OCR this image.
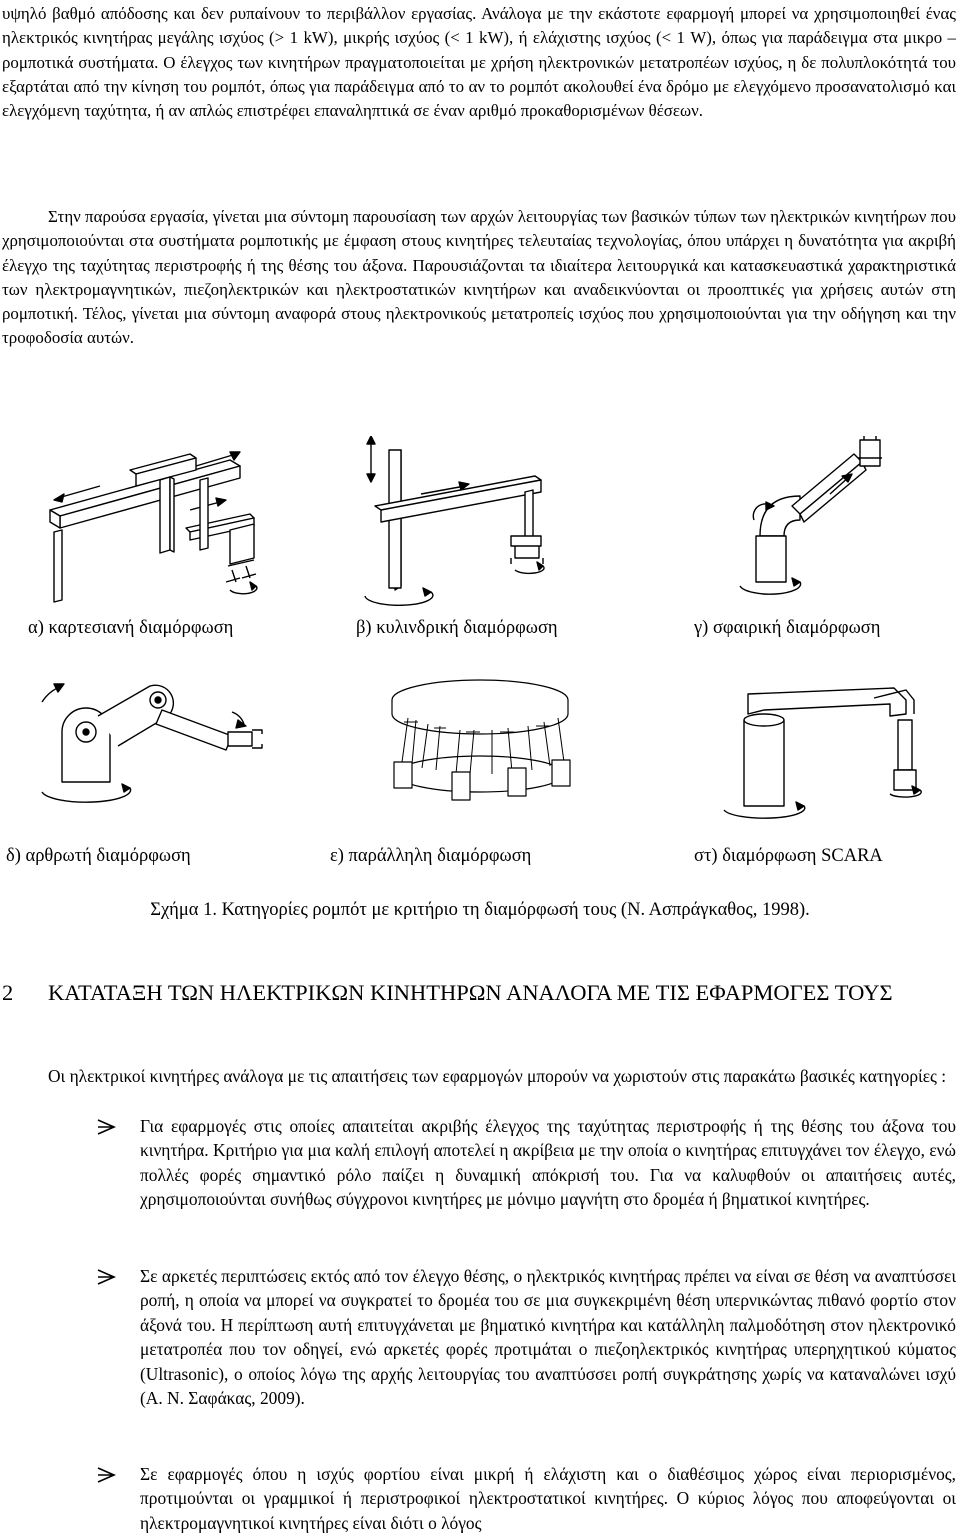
υψηλό βαθμό απόδοσης και δεν ρυπαίνουν το περιβάλλον εργασίας. Ανάλογα με την εκάστοτε εφαρμογή μπορεί να χρησιμοποιηθεί ένας ηλεκτρικός κινητήρας μεγάλης ισχύος (> 1 kW), μικρής ισχύος (< 1 kW), ή ελάχιστης ισχύος (< 1 W), όπως για παράδειγμα στα μικρο – ρομποτικά συστήματα. Ο έλεγχος των κινητήρων πραγματοποιείται με χρήση ηλεκτρονικών μετατροπέων ισχύος, η δε πολυπλοκότητά του εξαρτάται από την κίνηση του ρομπότ, όπως για παράδειγμα από το αν το ρομπότ ακολουθεί ένα δρόμο με ελεγχόμενο προσανατολισμό και ελεγχόμενη ταχύτητα, ή αν απλώς επιστρέφει επαναληπτικά σε έναν αριθμό προκαθορισμένων θέσεων.

Στην παρούσα εργασία, γίνεται μια σύντομη παρουσίαση των αρχών λειτουργίας των βασικών τύπων των ηλεκτρικών κινητήρων που χρησιμοποιούνται στα συστήματα ρομποτικής με έμφαση στους κινητήρες τελευταίας τεχνολογίας, όπου υπάρχει η δυνατότητα για ακριβή έλεγχο της ταχύτητας περιστροφής ή της θέσης του άξονα. Παρουσιάζονται τα ιδιαίτερα λειτουργικά και κατασκευαστικά χαρακτηριστικά των ηλεκτρομαγνητικών, πιεζοηλεκτρικών και ηλεκτροστατικών κινητήρων και αναδεικνύονται οι προοπτικές για χρήσεις αυτών στη ρομποτική. Τέλος, γίνεται μια σύντομη αναφορά στους ηλεκτρονικούς μετατροπείς ισχύος που χρησιμοποιούνται για την οδήγηση και την τροφοδοσία αυτών.

α) καρτεσιανή διαμόρφωση	β) κυλινδρική διαμόρφωση	γ) σφαιρική διαμόρφωση

δ) αρθρωτή διαμόρφωση	ε) παράλληλη διαμόρφωση	στ) διαμόρφωση SCARA

Σχήμα 1. Κατηγορίες ρομπότ με κριτήριο τη διαμόρφωσή τους (Ν. Ασπράγκαθος, 1998).

2 ΚΑΤΑΤΑΞΗ ΤΩΝ ΗΛΕΚΤΡΙΚΩΝ ΚΙΝΗΤΗΡΩΝ ΑΝΑΛΟΓΑ ΜΕ ΤΙΣ ΕΦΑΡΜΟΓΕΣ ΤΟΥΣ

Οι ηλεκτρικοί κινητήρες ανάλογα με τις απαιτήσεις των εφαρμογών μπορούν να χωριστούν στις παρακάτω βασικές κατηγορίες :

Για εφαρμογές στις οποίες απαιτείται ακριβής έλεγχος της ταχύτητας περιστροφής ή της θέσης του άξονα του κινητήρα. Κριτήριο για μια καλή επιλογή αποτελεί η ακρίβεια με την οποία ο κινητήρας επιτυγχάνει τον έλεγχο, ενώ πολλές φορές σημαντικό ρόλο παίζει η δυναμική απόκρισή του. Για να καλυφθούν οι απαιτήσεις αυτές, χρησιμοποιούνται συνήθως σύγχρονοι κινητήρες με μόνιμο μαγνήτη στο δρομέα ή βηματικοί κινητήρες.

Σε αρκετές περιπτώσεις εκτός από τον έλεγχο θέσης, ο ηλεκτρικός κινητήρας πρέπει να είναι σε θέση να αναπτύσσει ροπή, η οποία να μπορεί να συγκρατεί το δρομέα του σε μια συγκεκριμένη θέση υπερνικώντας πιθανό φορτίο στον άξονά του. Η περίπτωση αυτή επιτυγχάνεται με βηματικό κινητήρα και κατάλληλη παλμοδότηση στον ηλεκτρονικό μετατροπέα που τον οδηγεί, ενώ αρκετές φορές προτιμάται ο πιεζοηλεκτρικός κινητήρας υπερηχητικού κύματος (Ultrasonic), ο οποίος λόγω της αρχής λειτουργίας του αναπτύσσει ροπή συγκράτησης χωρίς να καταναλώνει ισχύ (Α. Ν. Σαφάκας, 2009).

Σε εφαρμογές όπου η ισχύς φορτίου είναι μικρή ή ελάχιστη και ο διαθέσιμος χώρος είναι περιορισμένος, προτιμούνται οι γραμμικοί ή περιστροφικοί ηλεκτροστατικοί κινητήρες. Ο κύριος λόγος που αποφεύγονται οι ηλεκτρομαγνητικοί κινητήρες είναι διότι ο λόγος
